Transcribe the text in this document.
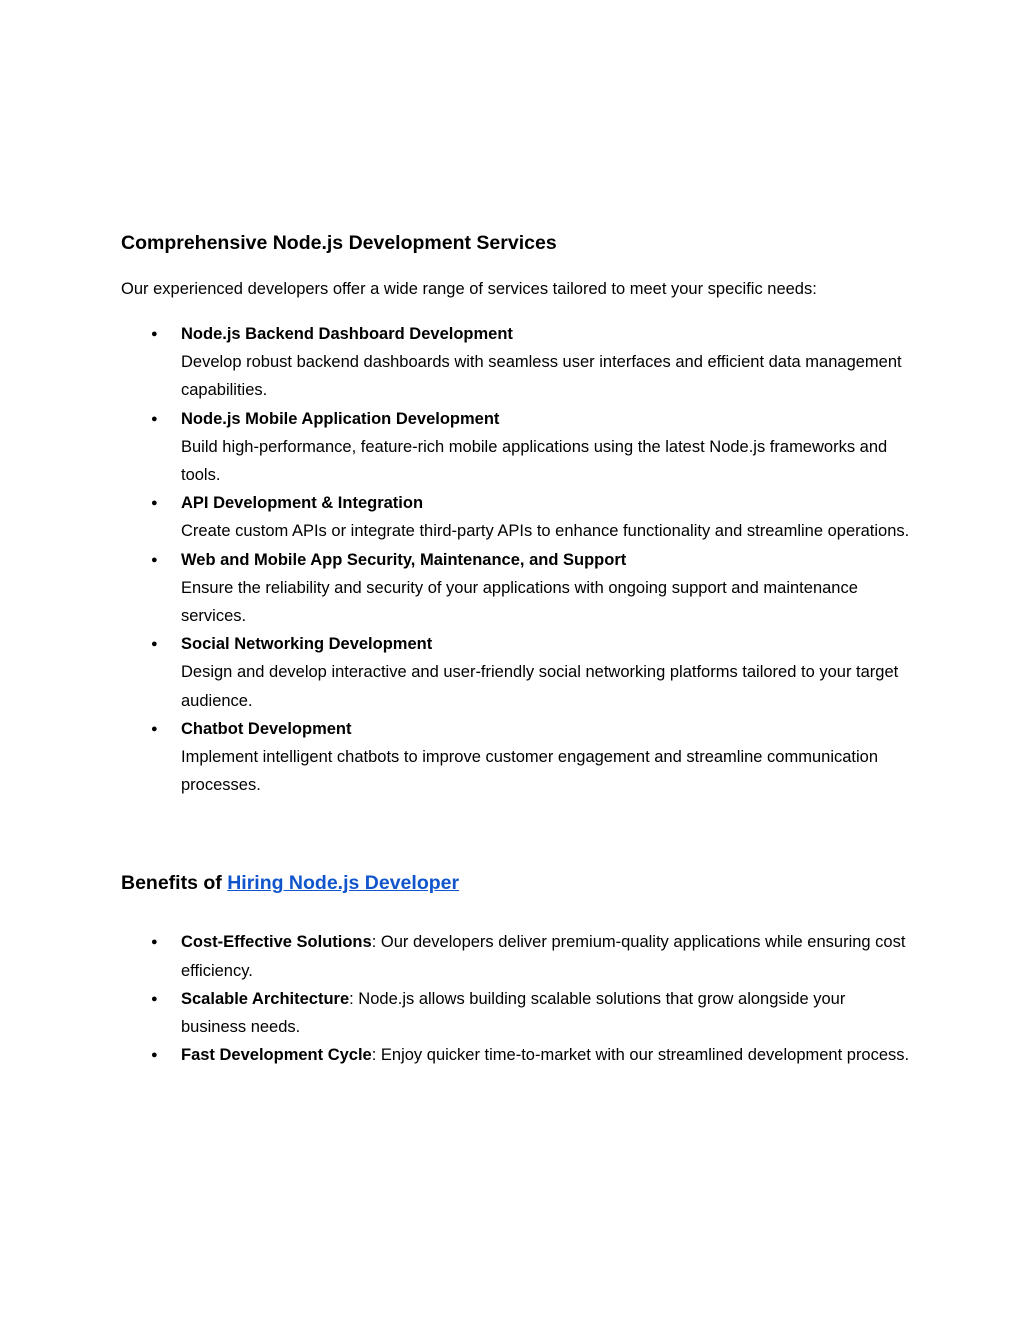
Comprehensive Node.js Development Services

Our experienced developers offer a wide range of services tailored to meet your specific needs:

● Node.js Backend Dashboard Development
Develop robust backend dashboards with seamless user interfaces and efficient data management capabilities.
● Node.js Mobile Application Development
Build high-performance, feature-rich mobile applications using the latest Node.js frameworks and tools.
● API Development & Integration
Create custom APIs or integrate third-party APIs to enhance functionality and streamline operations.
● Web and Mobile App Security, Maintenance, and Support
Ensure the reliability and security of your applications with ongoing support and maintenance services.
● Social Networking Development
Design and develop interactive and user-friendly social networking platforms tailored to your target audience.
● Chatbot Development
Implement intelligent chatbots to improve customer engagement and streamline communication processes.
Benefits of Hiring Node.js Developer
● Cost-Effective Solutions: Our developers deliver premium-quality applications while ensuring cost efficiency.
● Scalable Architecture: Node.js allows building scalable solutions that grow alongside your business needs.
● Fast Development Cycle: Enjoy quicker time-to-market with our streamlined development process.
